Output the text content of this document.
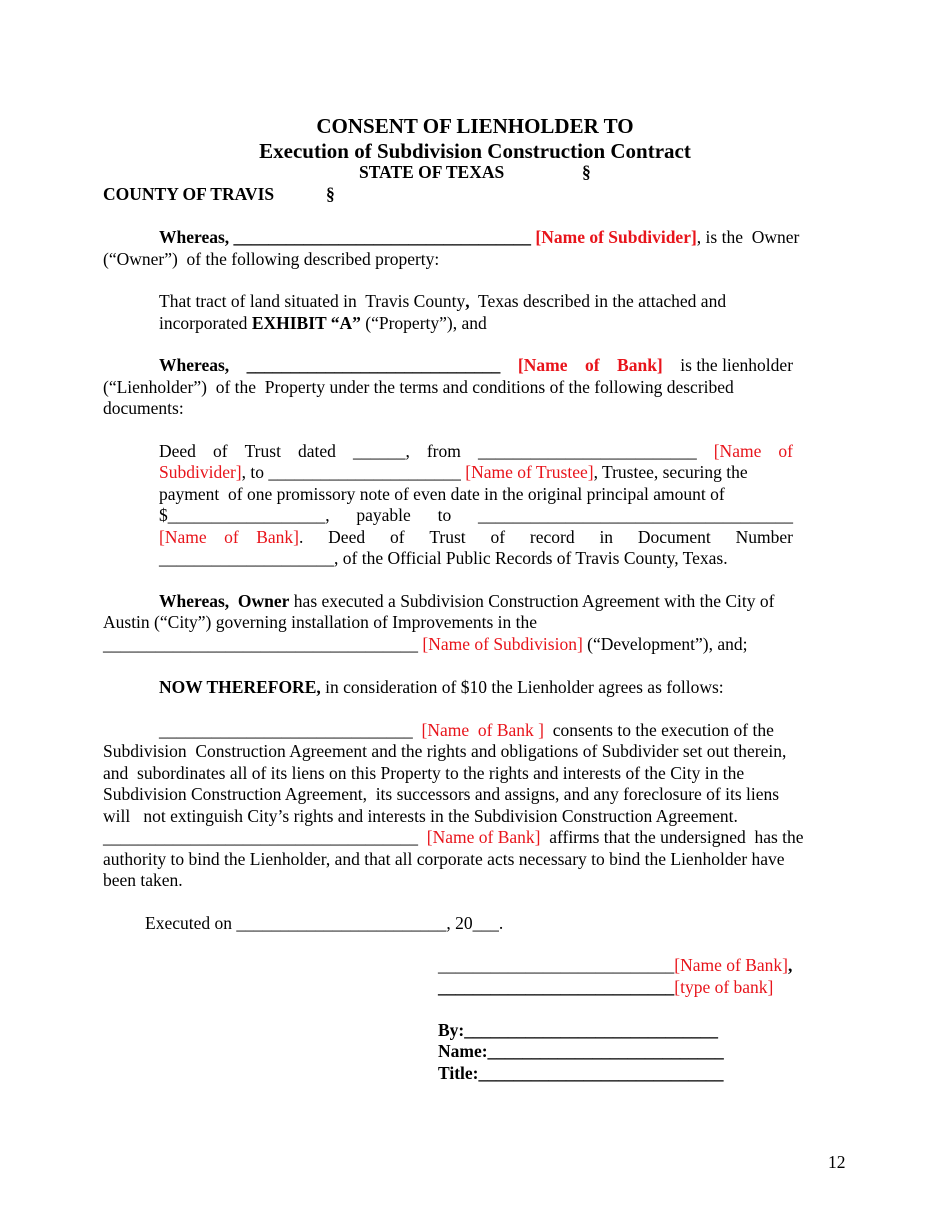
CONSENT OF LIENHOLDER TO
Execution of Subdivision Construction Contract
STATE OF TEXAS	§
COUNTY OF TRAVIS	§
Whereas, __________________________________ [Name of Subdivider], is the  Owner
(“Owner”)  of the following described property:
That tract of land situated in  Travis County,  Texas described in the attached and
incorporated EXHIBIT “A” (“Property”), and
Whereas, _____________________________ [Name    of    Bank] is the lienholder
(“Lienholder”)  of the  Property under the terms and conditions of the following described
documents:
Deed of Trust dated ______, from _________________________ [Name of
Subdivider], to ______________________ [Name of Trustee], Trustee, securing the
payment  of one promissory note of even date in the original principal amount of
$__________________, payable to ____________________________________
[Name    of    Bank]. Deed of Trust of record in Document Number
____________________, of the Official Public Records of Travis County, Texas.
Whereas,  Owner has executed a Subdivision Construction Agreement with the City of
Austin (“City”) governing installation of Improvements in the
____________________________________ [Name of Subdivision] (“Development”), and;
NOW THEREFORE, in consideration of $10 the Lienholder agrees as follows:
_____________________________  [Name  of Bank ]  consents to the execution of the
Subdivision  Construction Agreement and the rights and obligations of Subdivider set out therein,
and  subordinates all of its liens on this Property to the rights and interests of the City in the
Subdivision Construction Agreement,  its successors and assigns, and any foreclosure of its liens
will   not extinguish City’s rights and interests in the Subdivision Construction Agreement.
____________________________________  [Name of Bank]  affirms that the undersigned  has the
authority to bind the Lienholder, and that all corporate acts necessary to bind the Lienholder have
been taken.
Executed on ________________________, 20___.
___________________________[Name of Bank],
___________________________[type of bank]
By:_____________________________
Name:___________________________
Title:____________________________
12
